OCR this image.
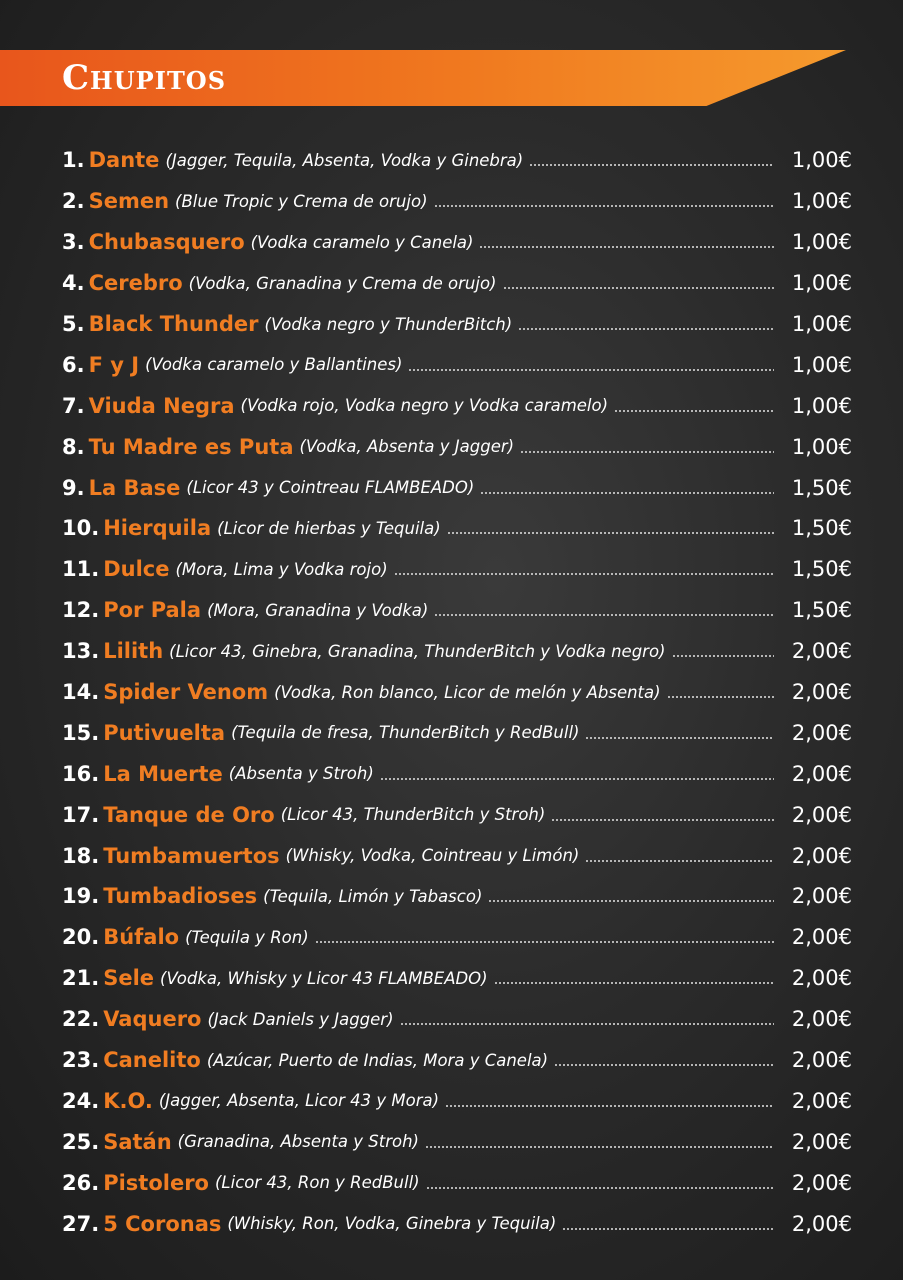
Chupitos
1. Dante (Jagger, Tequila, Absenta, Vodka y Ginebra)	1,00€
2. Semen (Blue Tropic y Crema de orujo)	1,00€
3. Chubasquero (Vodka caramelo y Canela)	1,00€
4. Cerebro (Vodka, Granadina y Crema de orujo)	1,00€
5. Black Thunder (Vodka negro y ThunderBitch)	1,00€
6. F y J (Vodka caramelo y Ballantines)	1,00€
7. Viuda Negra (Vodka rojo, Vodka negro y Vodka caramelo)	1,00€
8. Tu Madre es Puta (Vodka, Absenta y Jagger)	1,00€
9. La Base (Licor 43 y Cointreau FLAMBEADO)	1,50€
10. Hierquila (Licor de hierbas y Tequila)	1,50€
11. Dulce (Mora, Lima y Vodka rojo)	1,50€
12. Por Pala (Mora, Granadina y Vodka)	1,50€
13. Lilith (Licor 43, Ginebra, Granadina, ThunderBitch y Vodka negro)	2,00€
14. Spider Venom (Vodka, Ron blanco, Licor de melón y Absenta)	2,00€
15. Putivuelta (Tequila de fresa, ThunderBitch y RedBull)	2,00€
16. La Muerte (Absenta y Stroh)	2,00€
17. Tanque de Oro (Licor 43, ThunderBitch y Stroh)	2,00€
18. Tumbamuertos (Whisky, Vodka, Cointreau y Limón)	2,00€
19. Tumbadioses (Tequila, Limón y Tabasco)	2,00€
20. Búfalo (Tequila y Ron)	2,00€
21. Sele (Vodka, Whisky y Licor 43 FLAMBEADO)	2,00€
22. Vaquero (Jack Daniels y Jagger)	2,00€
23. Canelito (Azúcar, Puerto de Indias, Mora y Canela)	2,00€
24. K.O. (Jagger, Absenta, Licor 43 y Mora)	2,00€
25. Satán (Granadina, Absenta y Stroh)	2,00€
26. Pistolero (Licor 43, Ron y RedBull)	2,00€
27. 5 Coronas (Whisky, Ron, Vodka, Ginebra y Tequila)	2,00€
